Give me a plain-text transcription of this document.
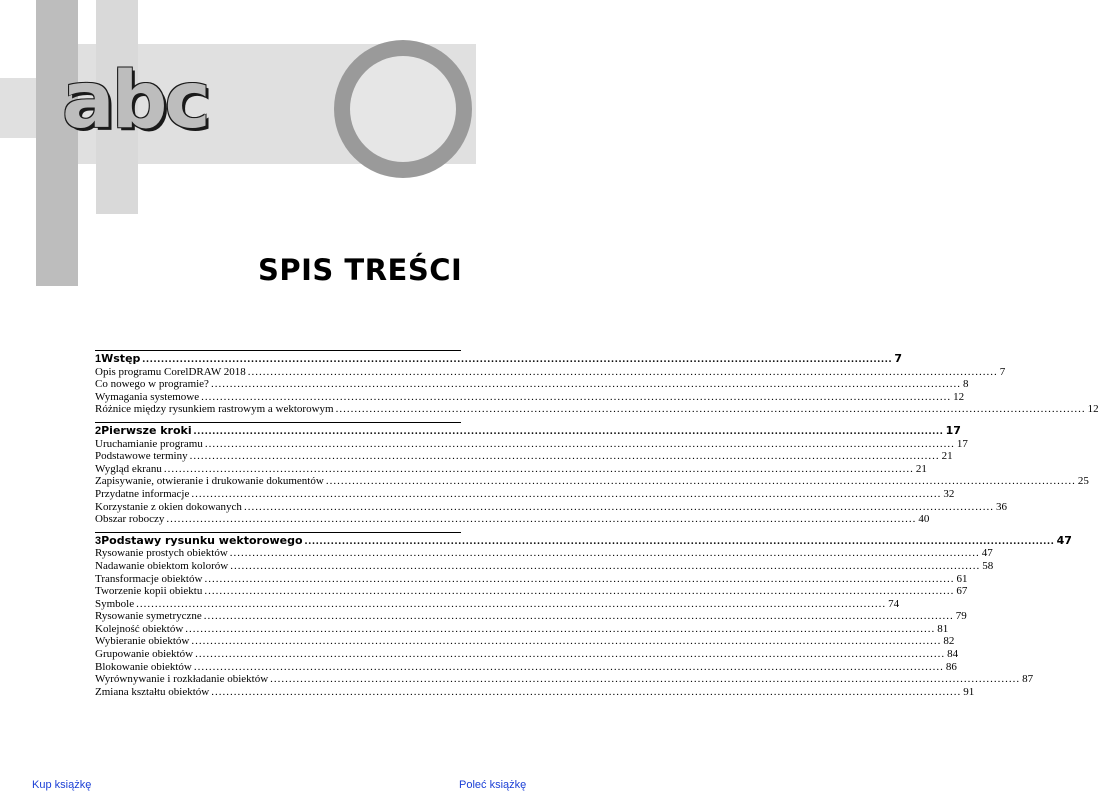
abc
SPIS TREŚCI
1 Wstęp ........................................................................................................................................................................................................ 7
Opis programu CorelDRAW 2018 ........................................................................................................................................................................................................ 7
Co nowego w programie? ........................................................................................................................................................................................................ 8
Wymagania systemowe ........................................................................................................................................................................................................ 12
Różnice między rysunkiem rastrowym a wektorowym ........................................................................................................................................................................................................ 12
2 Pierwsze kroki ........................................................................................................................................................................................................ 17
Uruchamianie programu ........................................................................................................................................................................................................ 17
Podstawowe terminy ........................................................................................................................................................................................................ 21
Wygląd ekranu ........................................................................................................................................................................................................ 21
Zapisywanie, otwieranie i drukowanie dokumentów ........................................................................................................................................................................................................ 25
Przydatne informacje ........................................................................................................................................................................................................ 32
Korzystanie z okien dokowanych ........................................................................................................................................................................................................ 36
Obszar roboczy ........................................................................................................................................................................................................ 40
3 Podstawy rysunku wektorowego ........................................................................................................................................................................................................ 47
Rysowanie prostych obiektów ........................................................................................................................................................................................................ 47
Nadawanie obiektom kolorów ........................................................................................................................................................................................................ 58
Transformacje obiektów ........................................................................................................................................................................................................ 61
Tworzenie kopii obiektu ........................................................................................................................................................................................................ 67
Symbole ........................................................................................................................................................................................................ 74
Rysowanie symetryczne ........................................................................................................................................................................................................ 79
Kolejność obiektów ........................................................................................................................................................................................................ 81
Wybieranie obiektów ........................................................................................................................................................................................................ 82
Grupowanie obiektów ........................................................................................................................................................................................................ 84
Blokowanie obiektów ........................................................................................................................................................................................................ 86
Wyrównywanie i rozkładanie obiektów ........................................................................................................................................................................................................ 87
Zmiana kształtu obiektów ........................................................................................................................................................................................................ 91
Kup książkę	Poleć książkę
